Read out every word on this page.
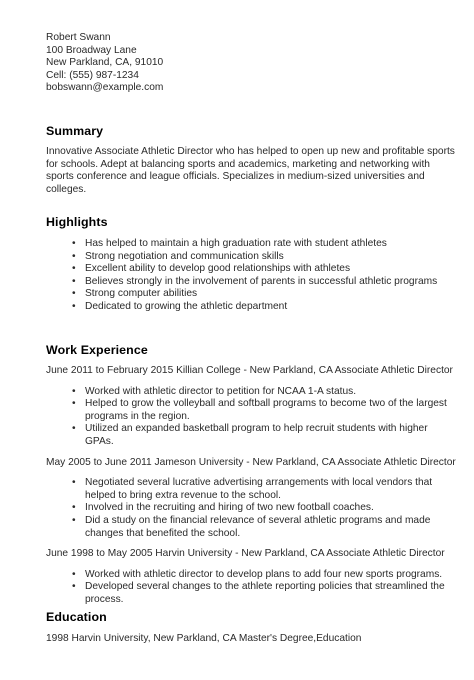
Robert Swann
100 Broadway Lane
New Parkland, CA, 91010
Cell: (555) 987-1234
bobswann@example.com
Summary
Innovative Associate Athletic Director who has helped to open up new and profitable sports for schools. Adept at balancing sports and academics, marketing and networking with sports conference and league officials. Specializes in medium-sized universities and colleges.
Highlights
• Has helped to maintain a high graduation rate with student athletes
• Strong negotiation and communication skills
• Excellent ability to develop good relationships with athletes
• Believes strongly in the involvement of parents in successful athletic programs
• Strong computer abilities
• Dedicated to growing the athletic department
Work Experience
June 2011 to February 2015 Killian College - New Parkland, CA Associate Athletic Director
• Worked with athletic director to petition for NCAA 1-A status.
• Helped to grow the volleyball and softball programs to become two of the largest programs in the region.
• Utilized an expanded basketball program to help recruit students with higher GPAs.
May 2005 to June 2011 Jameson University - New Parkland, CA Associate Athletic Director
• Negotiated several lucrative advertising arrangements with local vendors that helped to bring extra revenue to the school.
• Involved in the recruiting and hiring of two new football coaches.
• Did a study on the financial relevance of several athletic programs and made changes that benefited the school.
June 1998 to May 2005 Harvin University - New Parkland, CA Associate Athletic Director
• Worked with athletic director to develop plans to add four new sports programs.
• Developed several changes to the athlete reporting policies that streamlined the process.
Education
1998 Harvin University, New Parkland, CA Master's Degree,Education
